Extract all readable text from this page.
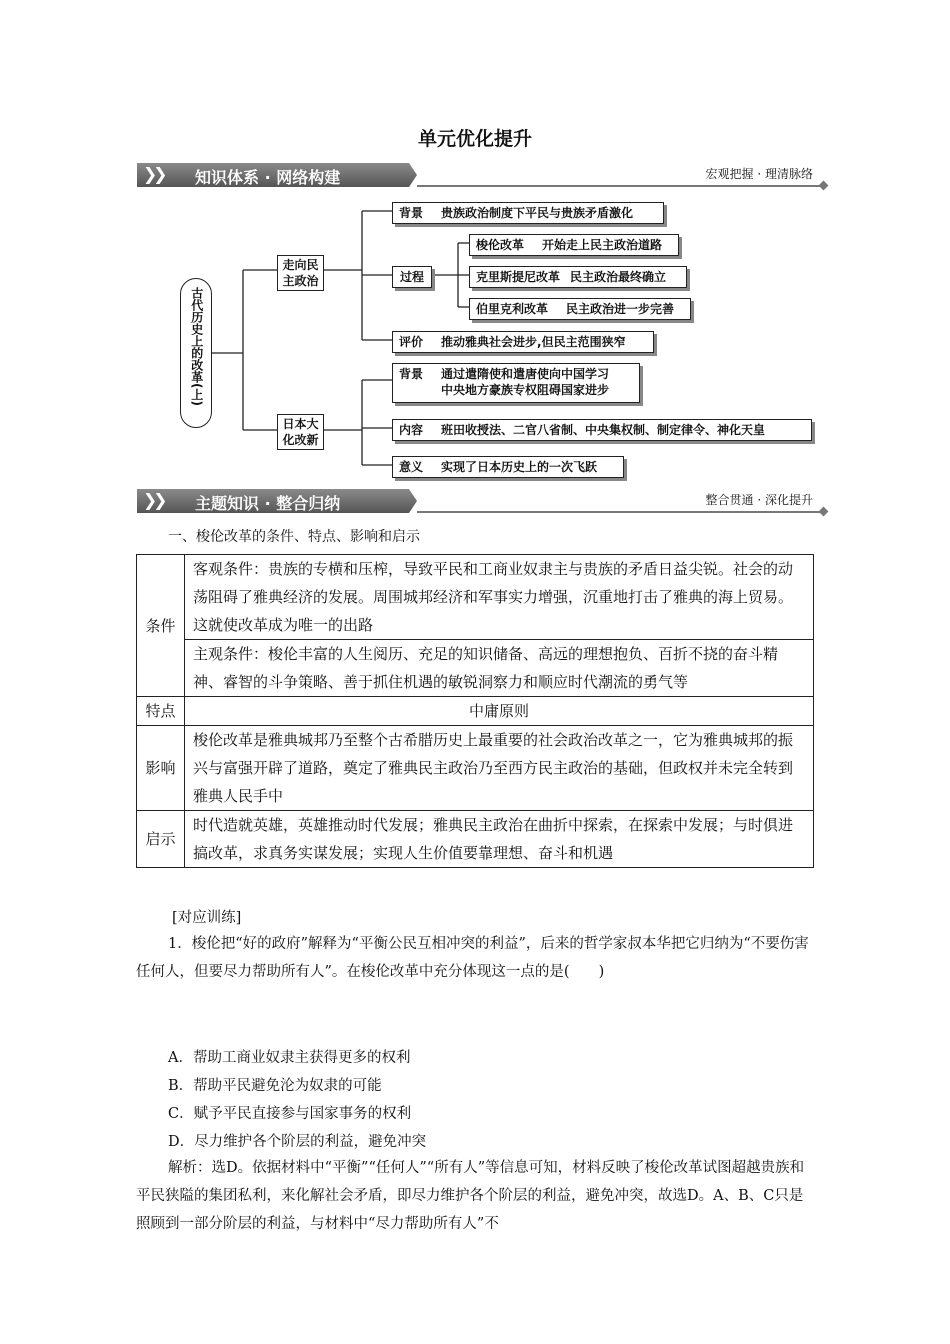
单元优化提升
❯❯ 知识体系 · 网络构建	宏观把握 · 理清脉络
古代历史上的改革(上)
走向民主政治
日本大化改新
背景 贵族政治制度下平民与贵族矛盾激化
过程
梭伦改革 开始走上民主政治道路
克里斯提尼改革 民主政治最终确立
伯里克利改革 民主政治进一步完善
评价 推动雅典社会进步,但民主范围狭窄
背景 通过遣隋使和遣唐使向中国学习
中央地方豪族专权阻碍国家进步
内容 班田收授法、二官八省制、中央集权制、制定律令、神化天皇
意义 实现了日本历史上的一次飞跃
❯❯ 主题知识 · 整合归纳	整合贯通 · 深化提升
一、梭伦改革的条件、特点、影响和启示
条件	客观条件：贵族的专横和压榨，导致平民和工商业奴隶主与贵族的矛盾日益尖锐。社会的动荡阻碍了雅典经济的发展。周围城邦经济和军事实力增强，沉重地打击了雅典的海上贸易。这就使改革成为唯一的出路
	主观条件：梭伦丰富的人生阅历、充足的知识储备、高远的理想抱负、百折不挠的奋斗精神、睿智的斗争策略、善于抓住机遇的敏锐洞察力和顺应时代潮流的勇气等
特点	中庸原则
影响	梭伦改革是雅典城邦乃至整个古希腊历史上最重要的社会政治改革之一，它为雅典城邦的振兴与富强开辟了道路，奠定了雅典民主政治乃至西方民主政治的基础，但政权并未完全转到雅典人民手中
启示	时代造就英雄，英雄推动时代发展；雅典民主政治在曲折中探索，在探索中发展；与时俱进搞改革，求真务实谋发展；实现人生价值要靠理想、奋斗和机遇
[对应训练]
1．梭伦把“好的政府”解释为“平衡公民互相冲突的利益”，后来的哲学家叔本华把它归纳为“不要伤害任何人，但要尽力帮助所有人”。在梭伦改革中充分体现这一点的是(　　)
A．帮助工商业奴隶主获得更多的权利
B．帮助平民避免沦为奴隶的可能
C．赋予平民直接参与国家事务的权利
D．尽力维护各个阶层的利益，避免冲突
解析：选D。依据材料中“平衡”“任何人”“所有人”等信息可知，材料反映了梭伦改革试图超越贵族和平民狭隘的集团私利，来化解社会矛盾，即尽力维护各个阶层的利益，避免冲突，故选D。A、B、C只是照顾到一部分阶层的利益，与材料中“尽力帮助所有人”不
